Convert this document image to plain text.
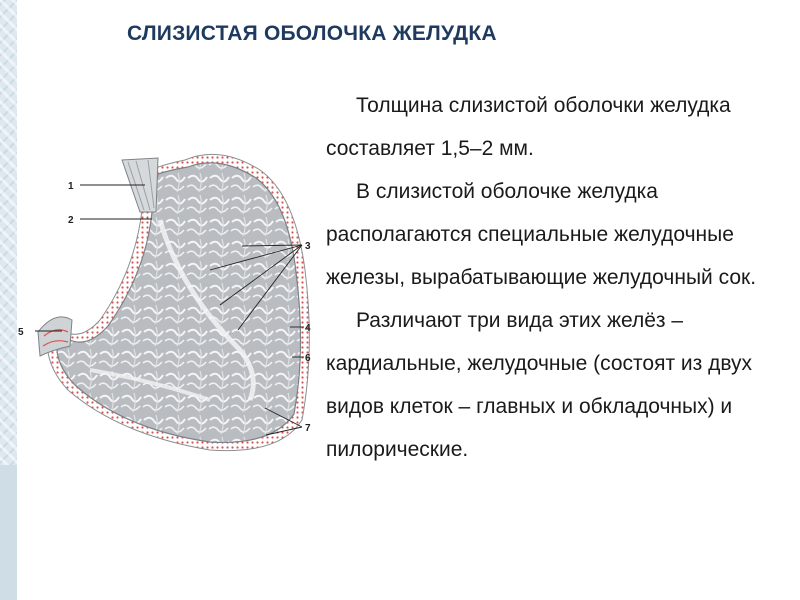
СЛИЗИСТАЯ ОБОЛОЧКА ЖЕЛУДКА

Толщина слизистой оболочки желудка составляет 1,5–2 мм.

В слизистой оболочке желудка располагаются специальные желудочные железы, вырабатывающие желудочный сок.

Различают три вида этих желёз – кардиальные, желудочные (состоят из двух видов клеток – главных и обкладочных) и пилорические.

1
2
3
4
5
6
7
